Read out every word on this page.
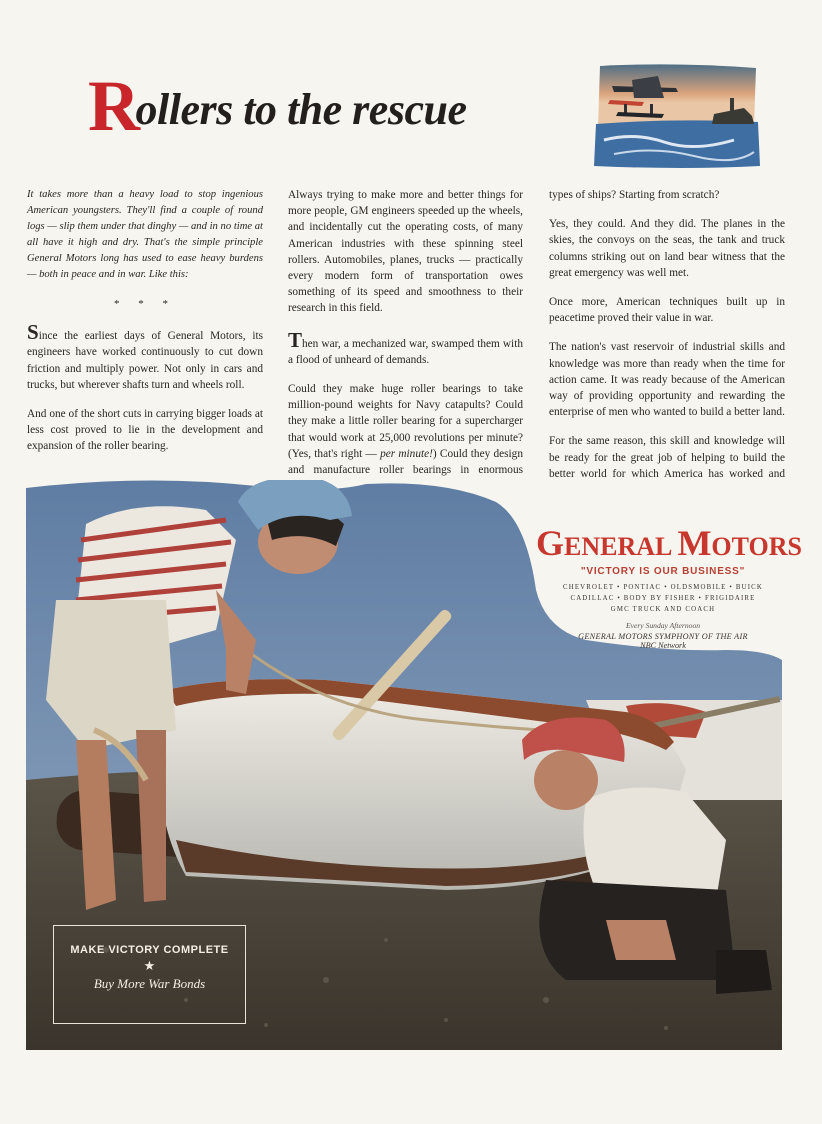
Rollers to the rescue

It takes more than a heavy load to stop ingenious American youngsters. They'll find a couple of round logs — slip them under that dinghy — and in no time at all have it high and dry. That's the simple principle General Motors long has used to ease heavy burdens — both in peace and in war. Like this:

* * *

Since the earliest days of General Motors, its engineers have worked continuously to cut down friction and multiply power. Not only in cars and trucks, but wherever shafts turn and wheels roll.

And one of the short cuts in carrying bigger loads at less cost proved to lie in the development and expansion of the roller bearing.

Always trying to make more and better things for more people, GM engineers speeded up the wheels, and incidentally cut the operating costs, of many American industries with these spinning steel rollers. Automobiles, planes, trucks — practically every modern form of transportation owes something of its speed and smoothness to their research in this field.

Then war, a mechanized war, swamped them with a flood of unheard of demands.

Could they make huge roller bearings to take million-pound weights for Navy catapults? Could they make a little roller bearing for a supercharger that would work at 25,000 revolutions per minute? (Yes, that's right — per minute!) Could they design and manufacture roller bearings in enormous

types of ships? Starting from scratch?

Yes, they could. And they did. The planes in the skies, the convoys on the seas, the tank and truck columns striking out on land bear witness that the great emergency was well met.

Once more, American techniques built up in peacetime proved their value in war.

The nation's vast reservoir of industrial skills and knowledge was more than ready when the time for action came. It was ready because of the American way of providing opportunity and rewarding the enterprise of men who wanted to build a better land.

For the same reason, this skill and knowledge will be ready for the great job of helping to build the better world for which America has worked and

GENERAL MOTORS
"VICTORY IS OUR BUSINESS"
CHEVROLET • PONTIAC • OLDSMOBILE • BUICK
CADILLAC • BODY BY FISHER • FRIGIDAIRE
GMC TRUCK AND COACH
Every Sunday Afternoon
GENERAL MOTORS SYMPHONY OF THE AIR
NBC Network
MAKE VICTORY COMPLETE
★
Buy More War Bonds
